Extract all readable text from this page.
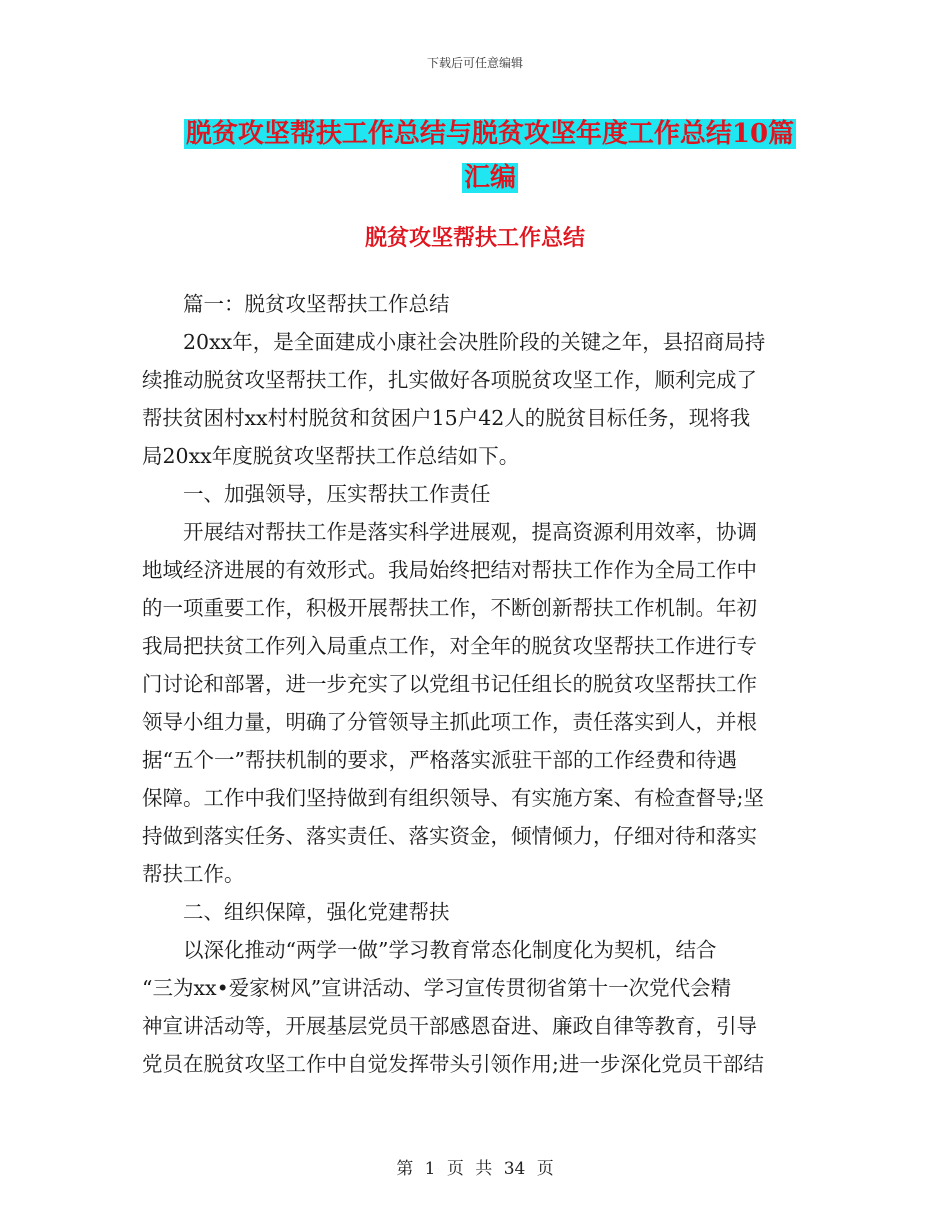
下载后可任意编辑
脱贫攻坚帮扶工作总结与脱贫攻坚年度工作总结10篇
汇编
脱贫攻坚帮扶工作总结
篇一：脱贫攻坚帮扶工作总结
20xx年，是全面建成小康社会决胜阶段的关键之年，县招商局持
续推动脱贫攻坚帮扶工作，扎实做好各项脱贫攻坚工作，顺利完成了
帮扶贫困村xx村村脱贫和贫困户15户42人的脱贫目标任务，现将我
局20xx年度脱贫攻坚帮扶工作总结如下。
一、加强领导，压实帮扶工作责任
开展结对帮扶工作是落实科学进展观，提高资源利用效率，协调
地域经济进展的有效形式。我局始终把结对帮扶工作作为全局工作中
的一项重要工作，积极开展帮扶工作，不断创新帮扶工作机制。年初
我局把扶贫工作列入局重点工作，对全年的脱贫攻坚帮扶工作进行专
门讨论和部署，进一步充实了以党组书记任组长的脱贫攻坚帮扶工作
领导小组力量，明确了分管领导主抓此项工作，责任落实到人，并根
据“五个一”帮扶机制的要求，严格落实派驻干部的工作经费和待遇
保障。工作中我们坚持做到有组织领导、有实施方案、有检查督导;坚
持做到落实任务、落实责任、落实资金，倾情倾力，仔细对待和落实
帮扶工作。
二、组织保障，强化党建帮扶
以深化推动“两学一做”学习教育常态化制度化为契机，结合
“三为xx•爱家树风”宣讲活动、学习宣传贯彻省第十一次党代会精
神宣讲活动等，开展基层党员干部感恩奋进、廉政自律等教育，引导
党员在脱贫攻坚工作中自觉发挥带头引领作用;进一步深化党员干部结
第 1 页 共 34 页
